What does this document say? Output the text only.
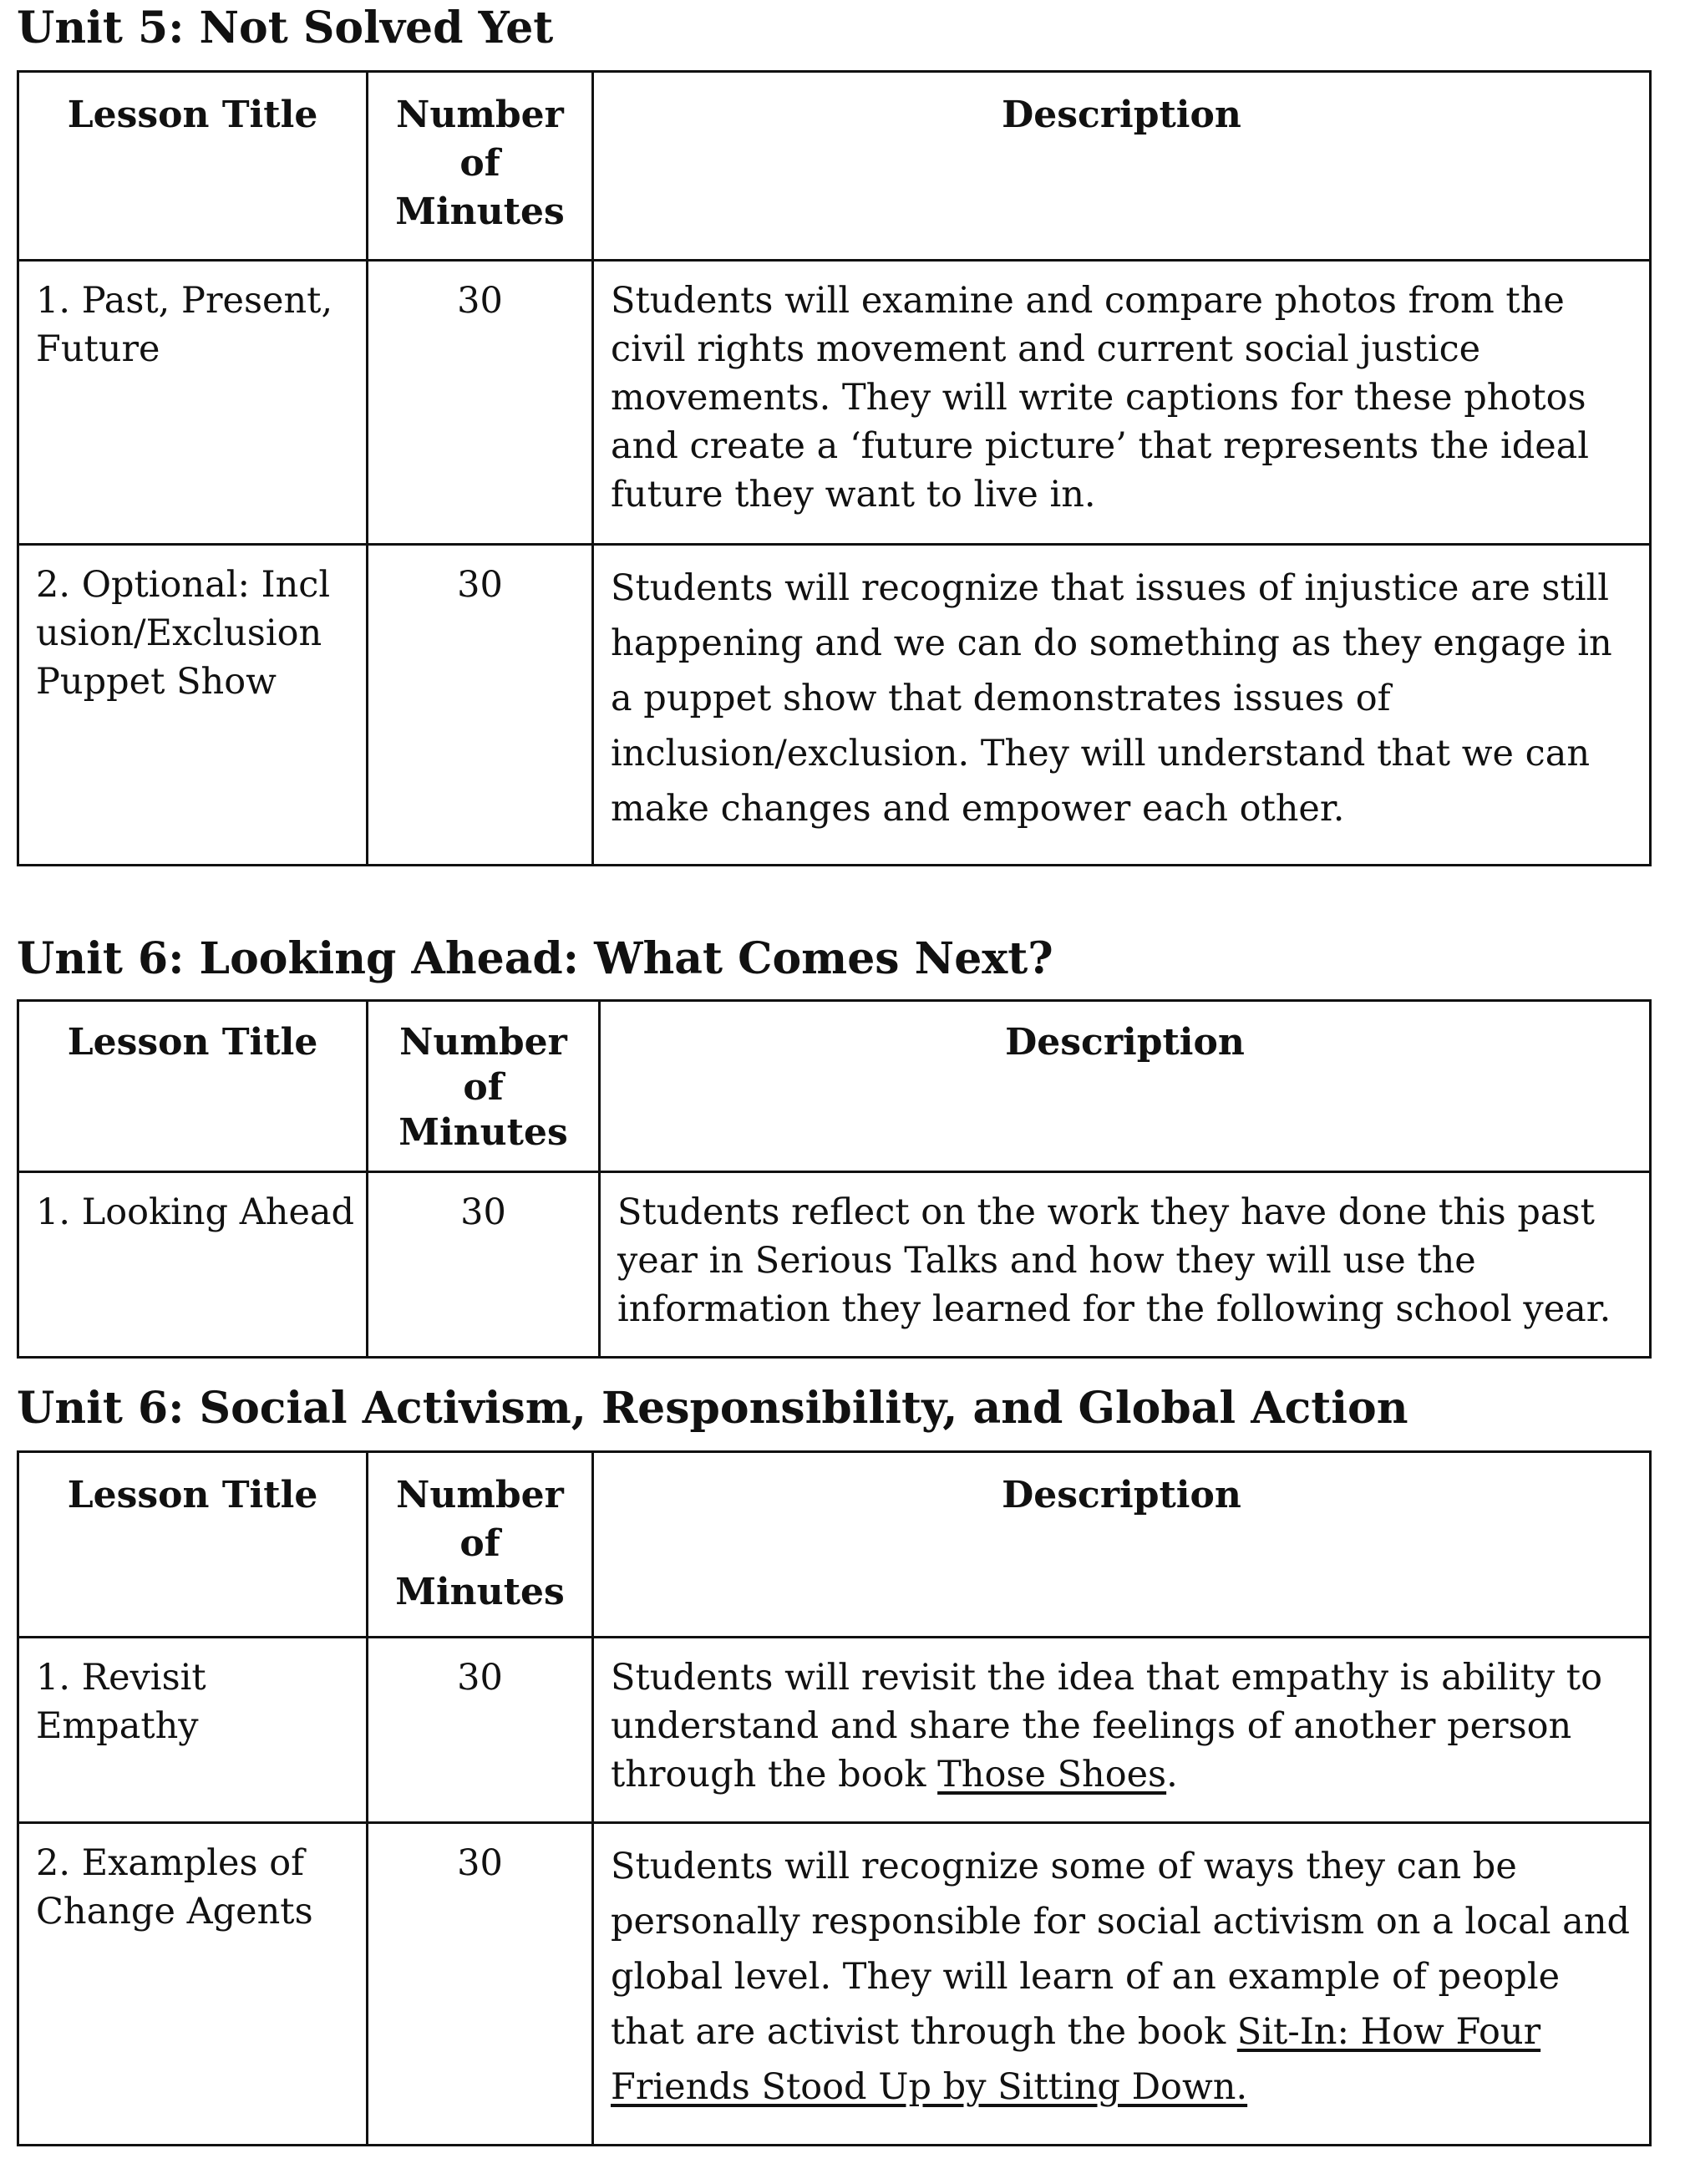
Unit 5: Not Solved Yet
Lesson Title	Number of Minutes	Description
1. Past, Present, Future	30	Students will examine and compare photos from the civil rights movement and current social justice movements. They will write captions for these photos and create a ‘future picture’ that represents the ideal future they want to live in.
2. Optional: Inclusion/Exclusion Puppet Show	30	Students will recognize that issues of injustice are still happening and we can do something as they engage in a puppet show that demonstrates issues of inclusion/exclusion. They will understand that we can make changes and empower each other.
Unit 6: Looking Ahead: What Comes Next?
Lesson Title	Number of Minutes	Description
1. Looking Ahead	30	Students reflect on the work they have done this past year in Serious Talks and how they will use the information they learned for the following school year.
Unit 6: Social Activism, Responsibility, and Global Action
Lesson Title	Number of Minutes	Description
1. Revisit Empathy	30	Students will revisit the idea that empathy is ability to understand and share the feelings of another person through the book Those Shoes.
2. Examples of Change Agents	30	Students will recognize some of ways they can be personally responsible for social activism on a local and global level. They will learn of an example of people that are activist through the book Sit-In: How Four Friends Stood Up by Sitting Down.
